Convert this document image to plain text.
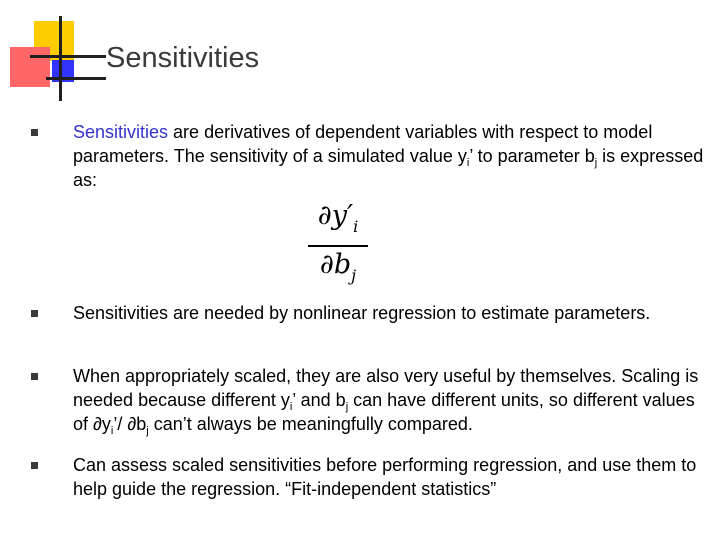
Sensitivities

Sensitivities are derivatives of dependent variables with respect to model parameters. The sensitivity of a simulated value $y_i$’ to parameter $b_j$ is expressed as:

$\partial y'_i$
$\partial b_j$

Sensitivities are needed by nonlinear regression to estimate parameters.

When appropriately scaled, they are also very useful by themselves. Scaling is needed because different $y_i$’ and $b_j$ can have different units, so different values of $\partial y_i’/$ $\partial b_j$ can’t always be meaningfully compared.

Can assess scaled sensitivities before performing regression, and use them to help guide the regression. “Fit-independent statistics”
